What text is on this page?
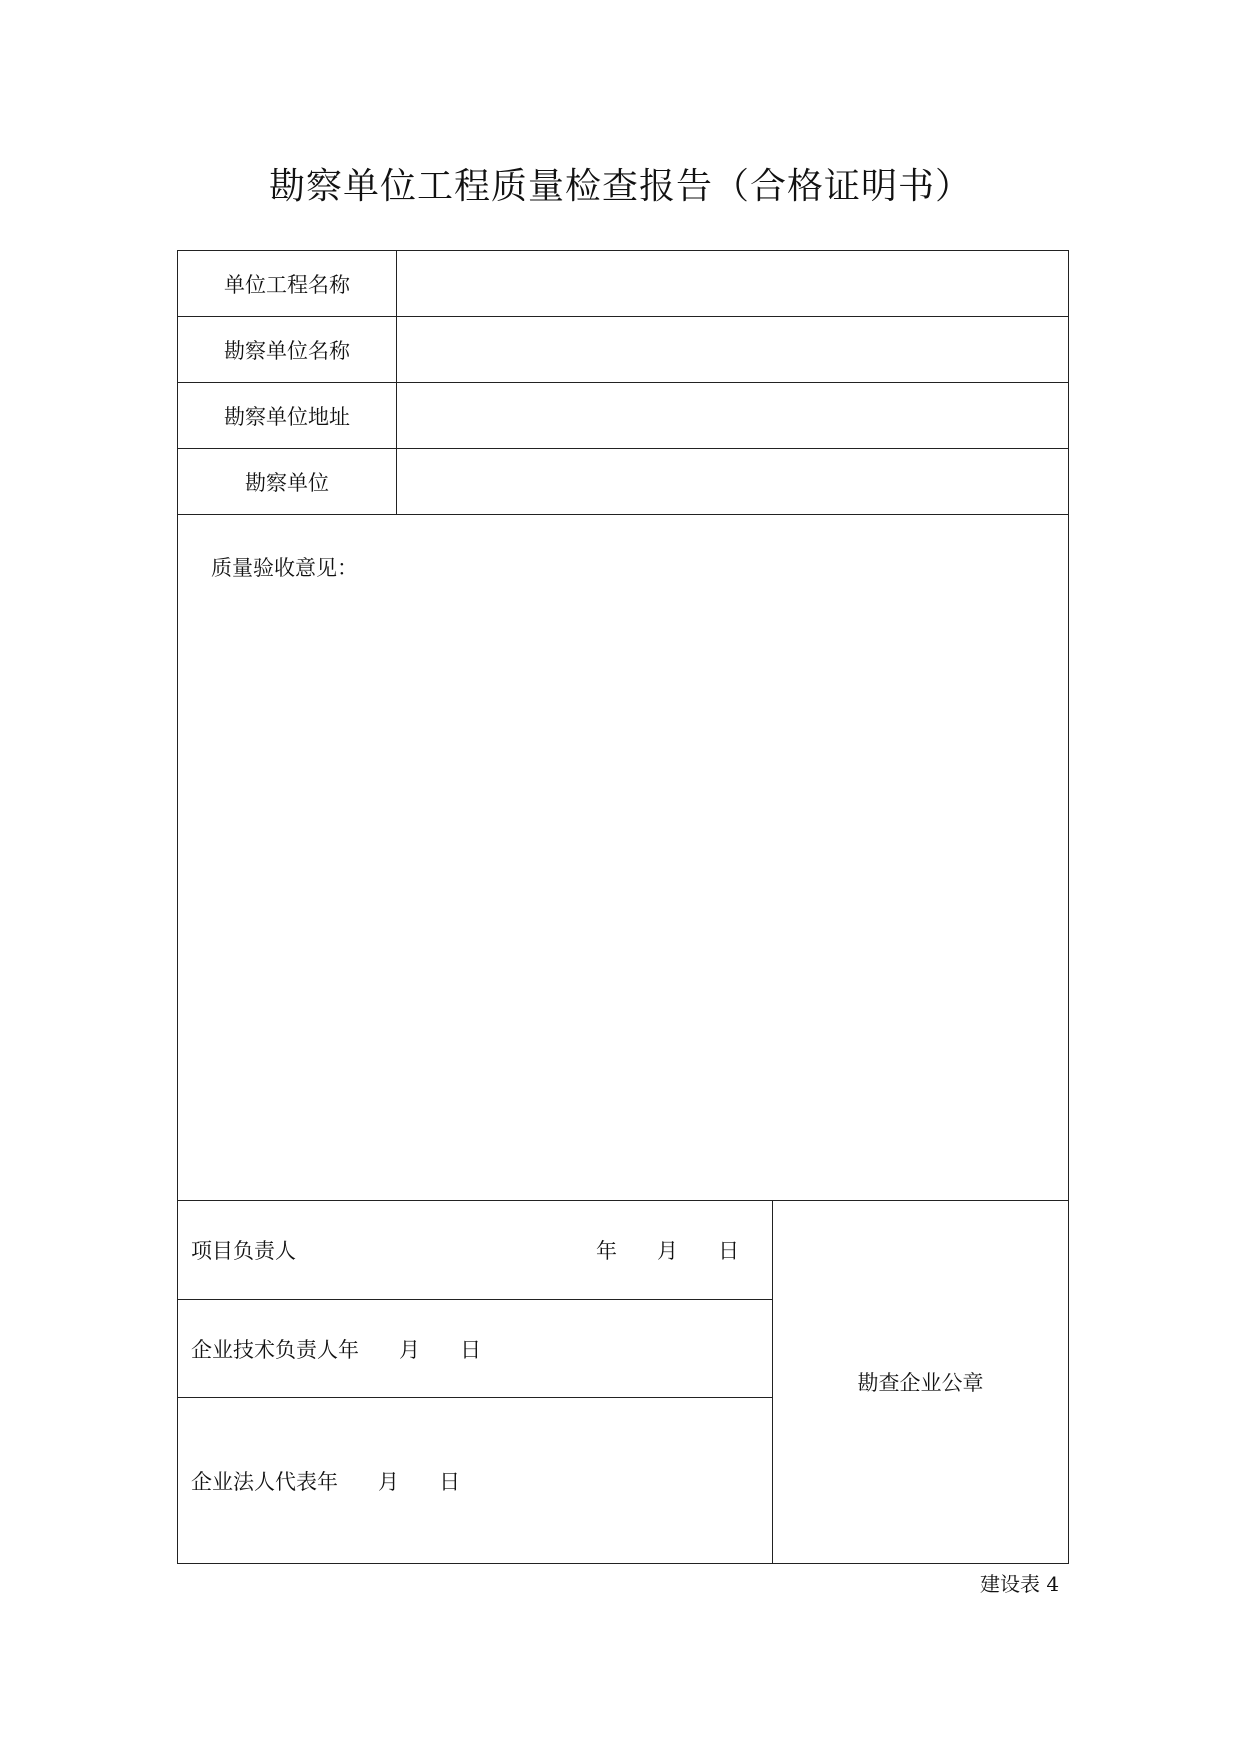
勘察单位工程质量检查报告（合格证明书）
单位工程名称
勘察单位名称
勘察单位地址
勘察单位
质量验收意见：
项目负责人	年      月      日
企业技术负责人年      月      日
企业法人代表年      月      日
勘查企业公章
建设表 4
